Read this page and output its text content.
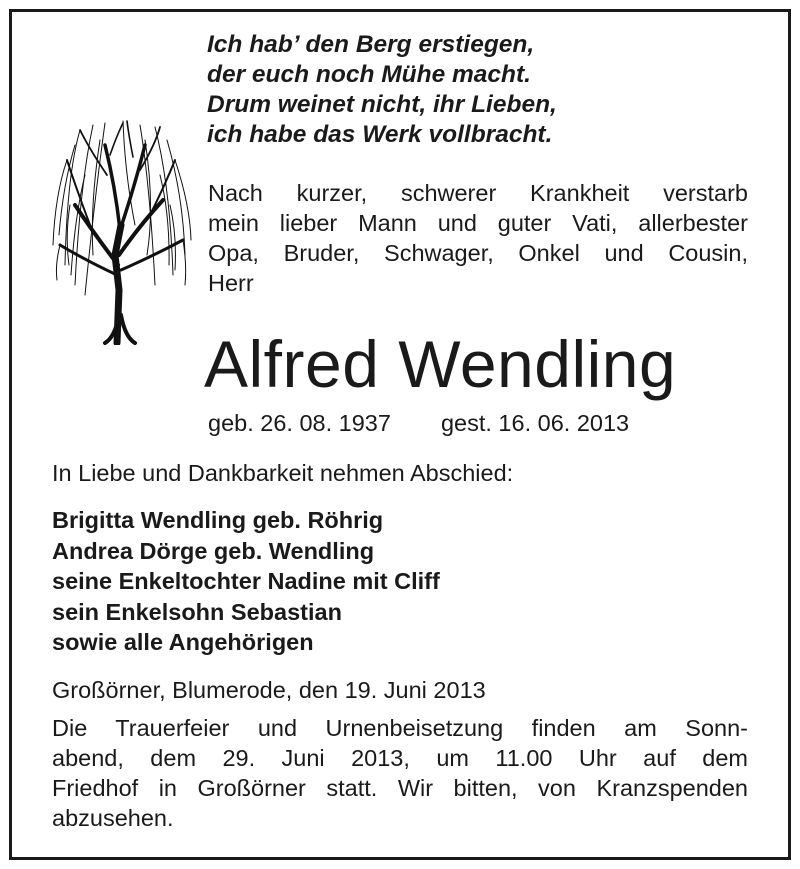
Ich hab’ den Berg erstiegen,
der euch noch Mühe macht.
Drum weinet nicht, ihr Lieben,
ich habe das Werk vollbracht.

Nach kurzer, schwerer Krankheit verstarb
mein lieber Mann und guter Vati, allerbester
Opa, Bruder, Schwager, Onkel und Cousin,
Herr

Alfred Wendling
geb. 26. 08. 1937 gest. 16. 06. 2013
In Liebe und Dankbarkeit nehmen Abschied:
Brigitta Wendling geb. Röhrig
Andrea Dörge geb. Wendling
seine Enkeltochter Nadine mit Cliff
sein Enkelsohn Sebastian
sowie alle Angehörigen
Großörner, Blumerode, den 19. Juni 2013

Die Trauerfeier und Urnenbeisetzung finden am Sonn-
abend, dem 29. Juni 2013, um 11.00 Uhr auf dem
Friedhof in Großörner statt. Wir bitten, von Kranzspenden
abzusehen.
